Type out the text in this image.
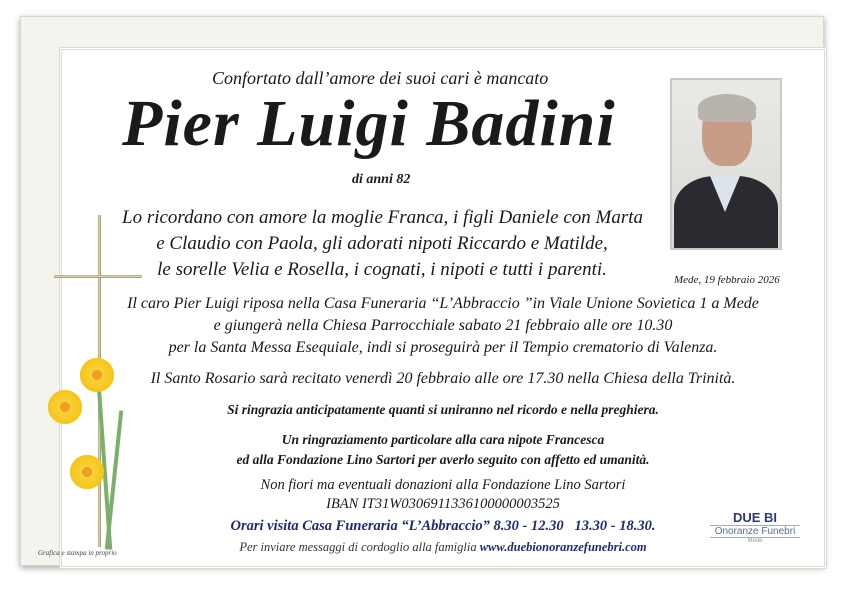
Confortato dall’amore dei suoi cari è mancato
Pier Luigi Badini
di anni 82
Lo ricordano con amore la moglie Franca, i figli Daniele con Marta
e Claudio con Paola, gli adorati nipoti Riccardo e Matilde,
le sorelle Velia e Rosella, i cognati, i nipoti e tutti i parenti.	Mede, 19 febbraio 2026
Il caro Pier Luigi riposa nella Casa Funeraria “L’Abbraccio ”in Viale Unione Sovietica 1 a Mede
e giungerà nella Chiesa Parrocchiale sabato 21 febbraio alle ore 10.30
per la Santa Messa Esequiale, indi si proseguirà per il Tempio crematorio di Valenza.
Il Santo Rosario sarà recitato venerdì 20 febbraio alle ore 17.30 nella Chiesa della Trinità.
Si ringrazia anticipatamente quanti si uniranno nel ricordo e nella preghiera.
Un ringraziamento particolare alla cara nipote Francesca
ed alla Fondazione Lino Sartori per averlo seguito con affetto ed umanità.
Non fiori ma eventuali donazioni alla Fondazione Lino Sartori
IBAN IT31W0306911336100000003525
Orari visita Casa Funeraria “L’Abbraccio” 8.30 - 12.30   13.30 - 18.30.
Per inviare messaggi di cordoglio alla famiglia www.duebionoranzefunebri.com
DUE BI
Onoranze Funebri
Mede
Grafica e stampa in proprio
